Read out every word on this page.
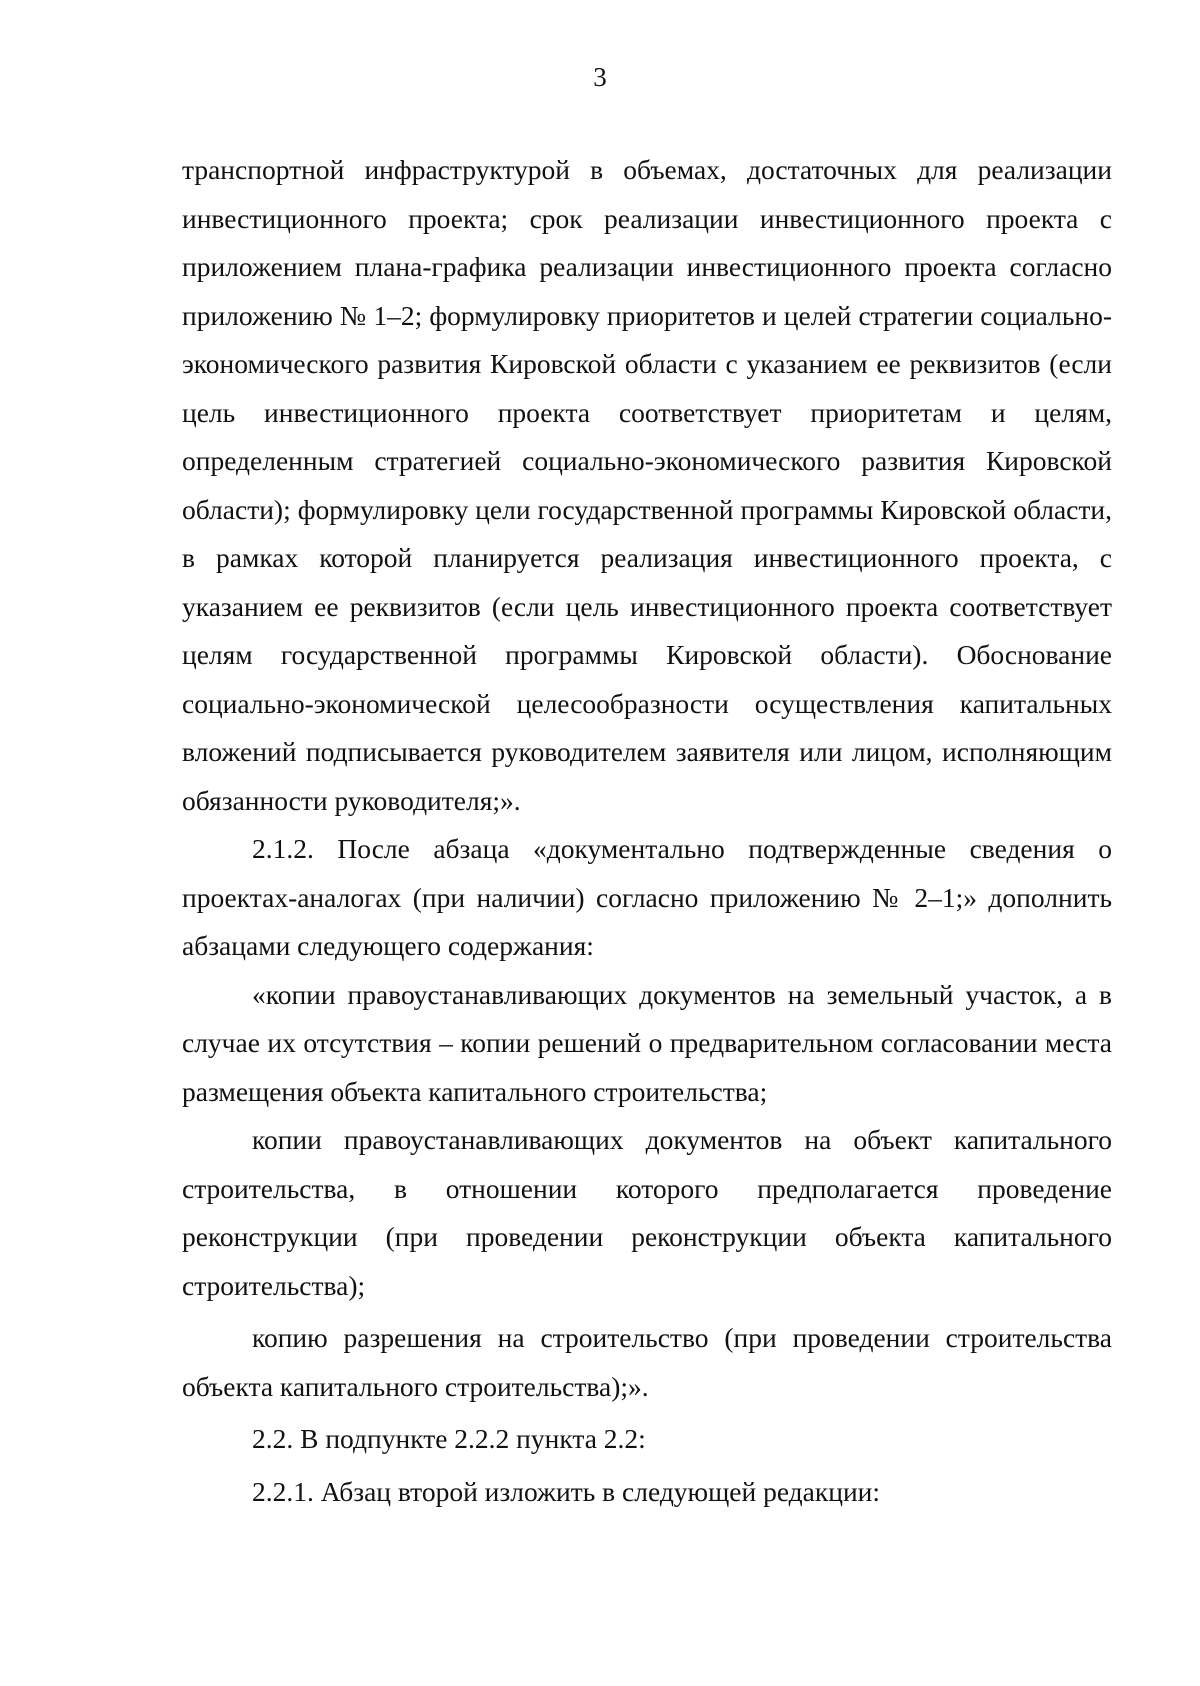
3

транспортной инфраструктурой в объемах, достаточных для реализации инвестиционного проекта; срок реализации инвестиционного проекта с приложением плана-графика реализации инвестиционного проекта согласно приложению № 1–2; формулировку приоритетов и целей стратегии социально-экономического развития Кировской области с указанием ее реквизитов (если цель инвестиционного проекта соответствует приоритетам и целям, определенным стратегией социально-экономического развития Кировской области); формулировку цели государственной программы Кировской области, в рамках которой планируется реализация инвестиционного проекта, с указанием ее реквизитов (если цель инвестиционного проекта соответствует целям государственной программы Кировской области). Обоснование социально-экономической целесообразности осуществления капитальных вложений подписывается руководителем заявителя или лицом, исполняющим обязанности руководителя;».

2.1.2. После абзаца «документально подтвержденные сведения о проектах-аналогах (при наличии) согласно приложению № 2–1;» дополнить абзацами следующего содержания:

«копии правоустанавливающих документов на земельный участок, а в случае их отсутствия – копии решений о предварительном согласовании места размещения объекта капитального строительства;

копии правоустанавливающих документов на объект капитального строительства, в отношении которого предполагается проведение реконструкции (при проведении реконструкции объекта капитального строительства);

копию разрешения на строительство (при проведении строительства объекта капитального строительства);».

2.2. В подпункте 2.2.2 пункта 2.2:

2.2.1. Абзац второй изложить в следующей редакции:
